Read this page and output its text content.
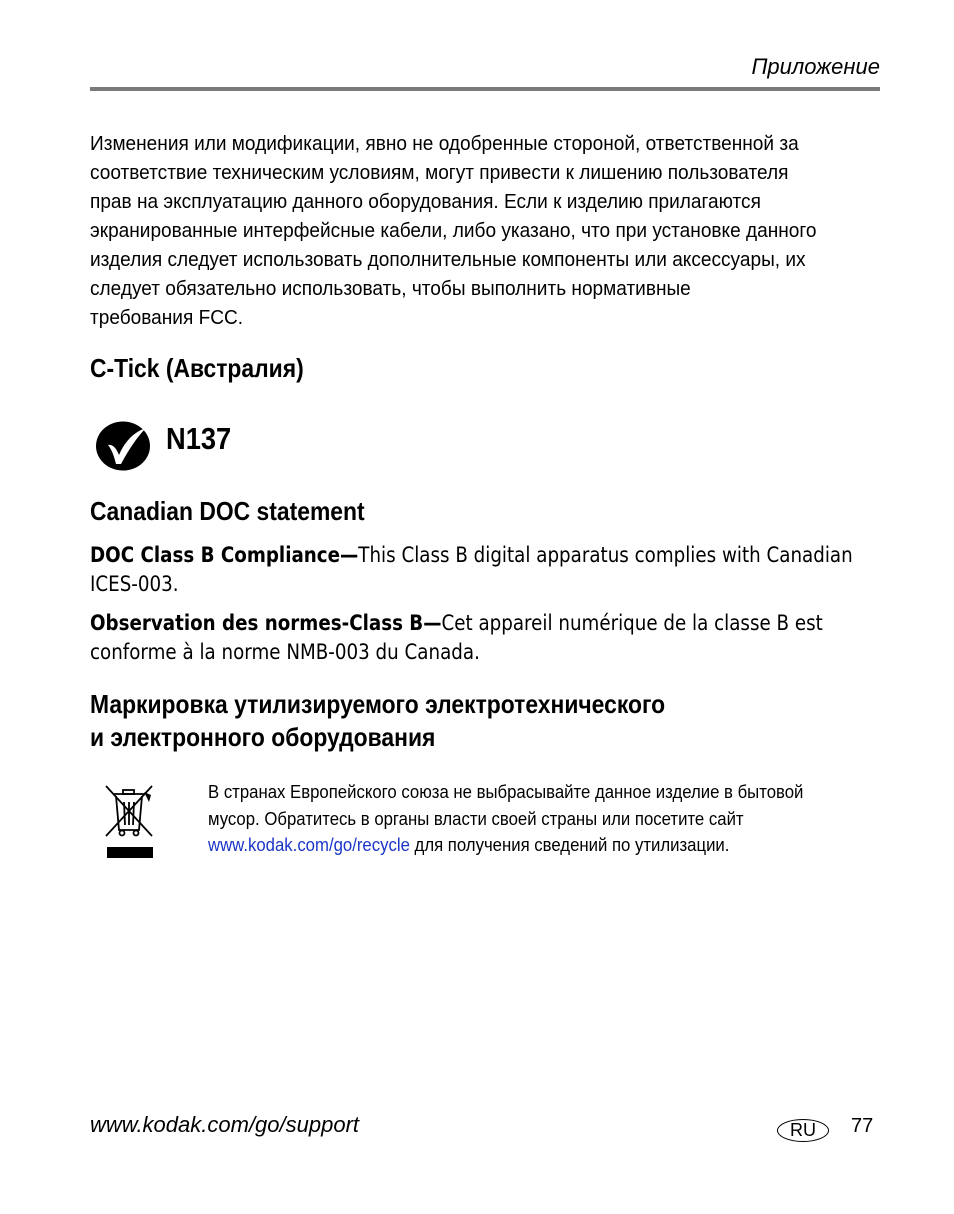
Приложение
Изменения или модификации, явно не одобренные стороной, ответственной за
соответствие техническим условиям, могут привести к лишению пользователя
прав на эксплуатацию данного оборудования. Если к изделию прилагаются
экранированные интерфейсные кабели, либо указано, что при установке данного
изделия следует использовать дополнительные компоненты или аксессуары, их
следует обязательно использовать, чтобы выполнить нормативные
требования FCC.
C-Tick (Австралия)
N137
Canadian DOC statement
DOC Class B Compliance—This Class B digital apparatus complies with Canadian
ICES-003.
Observation des normes-Class B—Cet appareil numérique de la classe B est
conforme à la norme NMB-003 du Canada.
Маркировка утилизируемого электротехнического
и электронного оборудования
В странах Европейского союза не выбрасывайте данное изделие в бытовой
мусор. Обратитесь в органы власти своей страны или посетите сайт
www.kodak.com/go/recycle для получения сведений по утилизации.
www.kodak.com/go/support	RU	77
